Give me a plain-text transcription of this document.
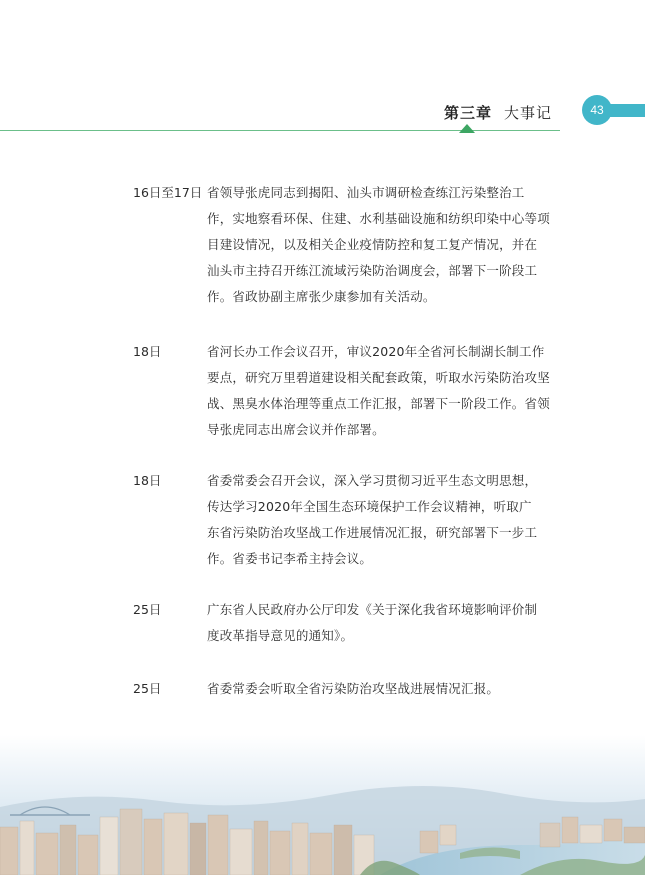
第三章 大事记	43
16日至17日 省领导张虎同志到揭阳、汕头市调研检查练江污染整治工
作，实地察看环保、住建、水利基础设施和纺织印染中心等项
目建设情况，以及相关企业疫情防控和复工复产情况，并在
汕头市主持召开练江流域污染防治调度会，部署下一阶段工
作。省政协副主席张少康参加有关活动。
18日	省河长办工作会议召开，审议2020年全省河长制湖长制工作
要点，研究万里碧道建设相关配套政策，听取水污染防治攻坚
战、黑臭水体治理等重点工作汇报，部署下一阶段工作。省领
导张虎同志出席会议并作部署。
18日	省委常委会召开会议，深入学习贯彻习近平生态文明思想，
传达学习2020年全国生态环境保护工作会议精神，听取广
东省污染防治攻坚战工作进展情况汇报，研究部署下一步工
作。省委书记李希主持会议。
25日	广东省人民政府办公厅印发《关于深化我省环境影响评价制
度改革指导意见的通知》。
25日	省委常委会听取全省污染防治攻坚战进展情况汇报。
